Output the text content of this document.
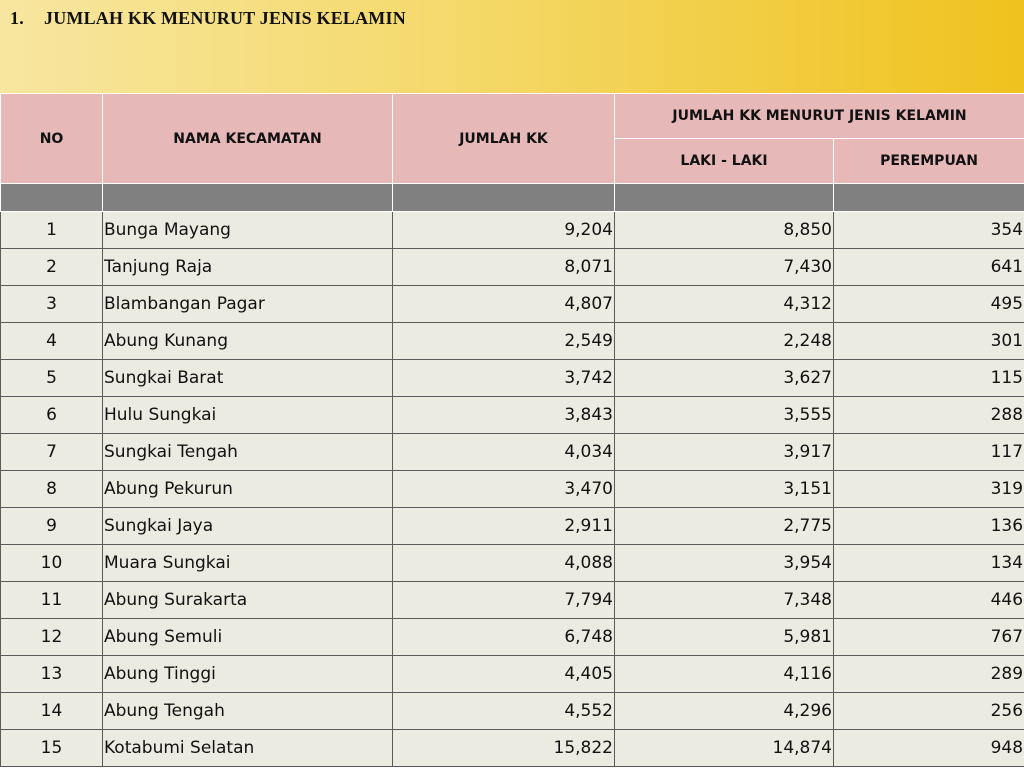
1. JUMLAH KK MENURUT JENIS KELAMIN
NO	NAMA KECAMATAN	JUMLAH KK	JUMLAH KK MENURUT JENIS KELAMIN	
			LAKI - LAKI	PEREMPUAN

1	Bunga Mayang	9,204	8,850	354
2	Tanjung Raja	8,071	7,430	641
3	Blambangan Pagar	4,807	4,312	495
4	Abung Kunang	2,549	2,248	301
5	Sungkai Barat	3,742	3,627	115
6	Hulu Sungkai	3,843	3,555	288
7	Sungkai Tengah	4,034	3,917	117
8	Abung Pekurun	3,470	3,151	319
9	Sungkai Jaya	2,911	2,775	136
10	Muara Sungkai	4,088	3,954	134
11	Abung Surakarta	7,794	7,348	446
12	Abung Semuli	6,748	5,981	767
13	Abung Tinggi	4,405	4,116	289
14	Abung Tengah	4,552	4,296	256
15	Kotabumi Selatan	15,822	14,874	948
